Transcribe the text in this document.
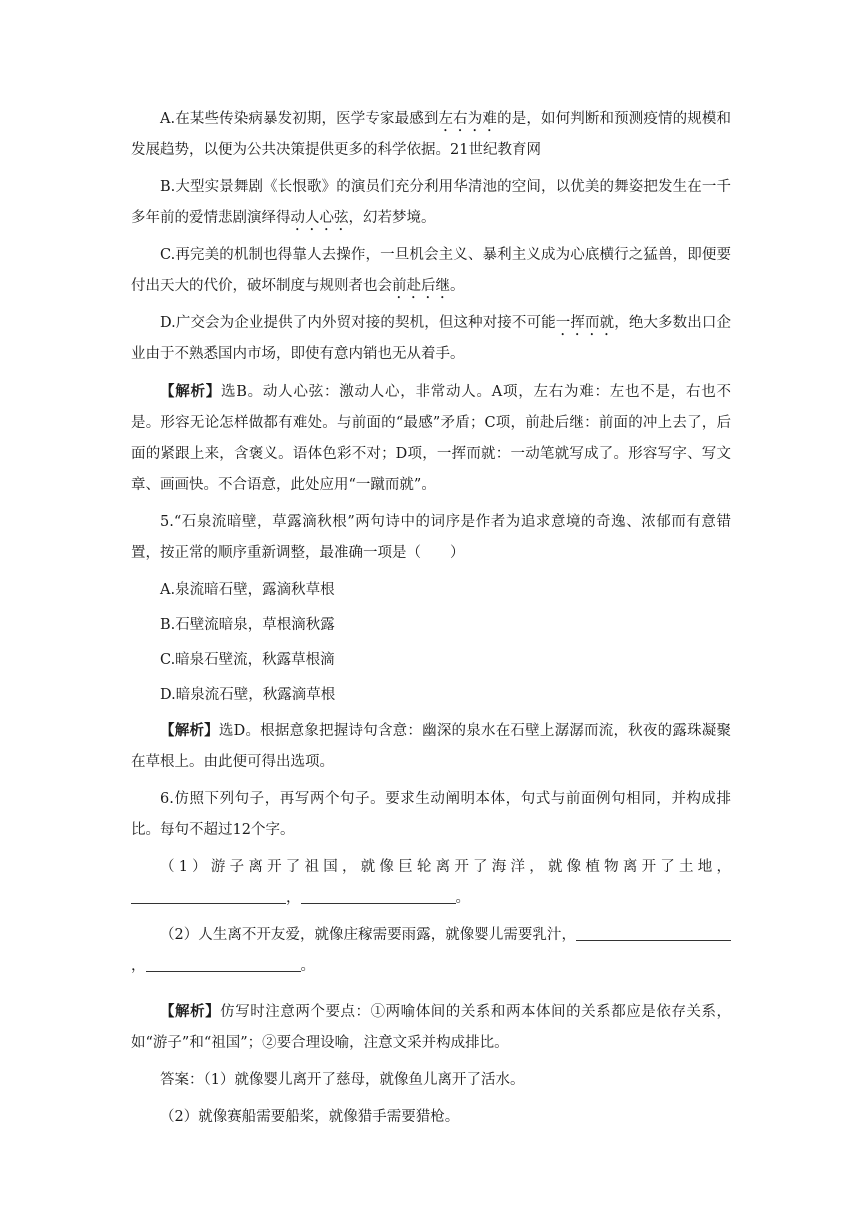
A.在某些传染病暴发初期，医学专家最感到左右为难的是，如何判断和预测疫情的规模和发展趋势，以便为公共决策提供更多的科学依据。21世纪教育网

B.大型实景舞剧《长恨歌》的演员们充分利用华清池的空间，以优美的舞姿把发生在一千多年前的爱情悲剧演绎得动人心弦，幻若梦境。

C.再完美的机制也得靠人去操作，一旦机会主义、暴利主义成为心底横行之猛兽，即便要付出天大的代价，破坏制度与规则者也会前赴后继。

D.广交会为企业提供了内外贸对接的契机，但这种对接不可能一挥而就，绝大多数出口企业由于不熟悉国内市场，即使有意内销也无从着手。

【解析】选B。动人心弦：激动人心，非常动人。A项，左右为难：左也不是，右也不是。形容无论怎样做都有难处。与前面的“最感”矛盾；C项，前赴后继：前面的冲上去了，后面的紧跟上来，含褒义。语体色彩不对；D项，一挥而就：一动笔就写成了。形容写字、写文章、画画快。不合语意，此处应用“一蹴而就”。

5.“石泉流暗壁，草露滴秋根”两句诗中的词序是作者为追求意境的奇逸、浓郁而有意错置，按正常的顺序重新调整，最准确一项是（　　）

A.泉流暗石壁，露滴秋草根

B.石壁流暗泉，草根滴秋露

C.暗泉石壁流，秋露草根滴

D.暗泉流石壁，秋露滴草根

【解析】选D。根据意象把握诗句含意：幽深的泉水在石壁上潺潺而流，秋夜的露珠凝聚在草根上。由此便可得出选项。

6.仿照下列句子，再写两个句子。要求生动阐明本体，句式与前面例句相同，并构成排比。每句不超过12个字。

（1）游子离开了祖国，就像巨轮离开了海洋，就像植物离开了土地，，	。

（2）人生离不开友爱，就像庄稼需要雨露，就像婴儿需要乳汁，，	。

【解析】仿写时注意两个要点：①两喻体间的关系和两本体间的关系都应是依存关系，如“游子”和“祖国”；②要合理设喻，注意文采并构成排比。

答案：（1）就像婴儿离开了慈母，就像鱼儿离开了活水。

（2）就像赛船需要船桨，就像猎手需要猎枪。
